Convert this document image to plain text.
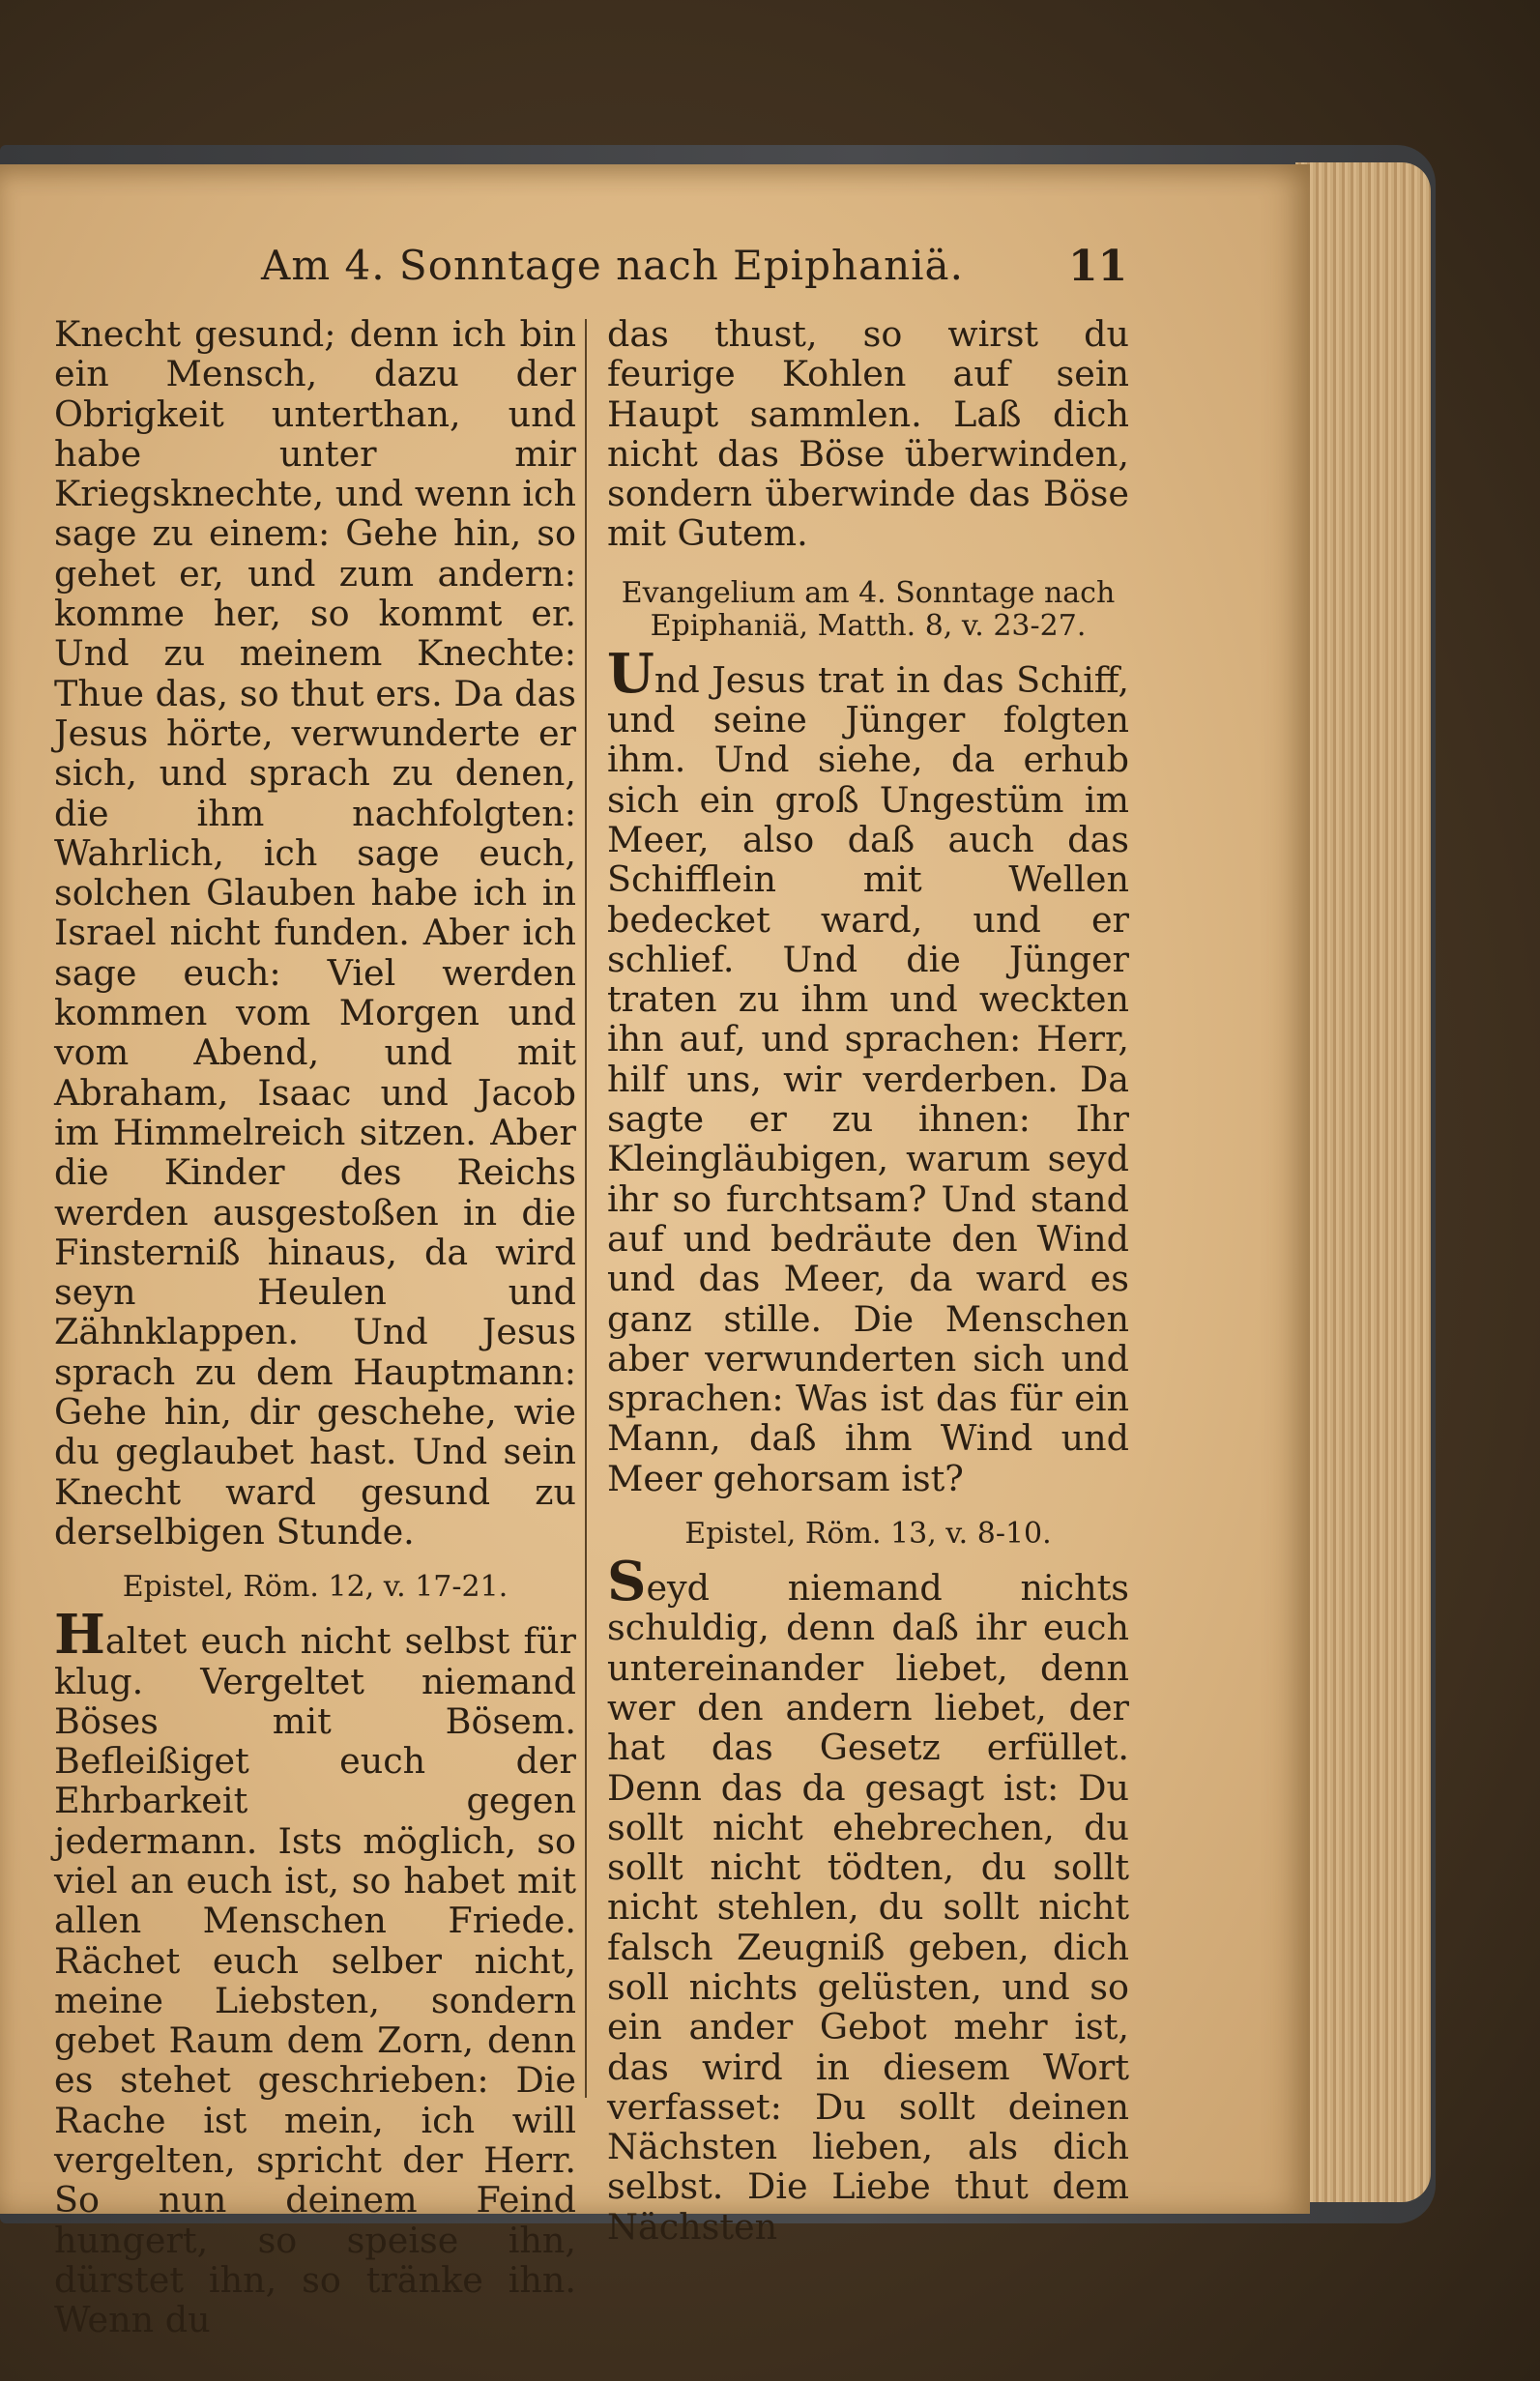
Am 4. Sonntage nach Epiphaniä. 11

Knecht gesund; denn ich bin ein Mensch, dazu der Obrigkeit unterthan, und habe unter mir Kriegsknechte, und wenn ich sage zu einem: Gehe hin, so gehet er, und zum andern: komme her, so kommt er. Und zu meinem Knechte: Thue das, so thut ers. Da das Jesus hörte, verwunderte er sich, und sprach zu denen, die ihm nachfolgten: Wahrlich, ich sage euch, solchen Glauben habe ich in Israel nicht funden. Aber ich sage euch: Viel werden kommen vom Morgen und vom Abend, und mit Abraham, Isaac und Jacob im Himmelreich sitzen. Aber die Kinder des Reichs werden ausgestoßen in die Finsterniß hinaus, da wird seyn Heulen und Zähnklappen. Und Jesus sprach zu dem Hauptmann: Gehe hin, dir geschehe, wie du geglaubet hast. Und sein Knecht ward gesund zu derselbigen Stunde.

Epistel, Röm. 12, v. 17-21.

Haltet euch nicht selbst für klug. Vergeltet niemand Böses mit Bösem. Befleißiget euch der Ehrbarkeit gegen jedermann. Ists möglich, so viel an euch ist, so habet mit allen Menschen Friede. Rächet euch selber nicht, meine Liebsten, sondern gebet Raum dem Zorn, denn es stehet geschrieben: Die Rache ist mein, ich will vergelten, spricht der Herr. So nun deinem Feind hungert, so speise ihn, dürstet ihn, so tränke ihn. Wenn du

das thust, so wirst du feurige Kohlen auf sein Haupt sammlen. Laß dich nicht das Böse überwinden, sondern überwinde das Böse mit Gutem.

Evangelium am 4. Sonntage nach Epiphaniä, Matth. 8, v. 23-27.

Und Jesus trat in das Schiff, und seine Jünger folgten ihm. Und siehe, da erhub sich ein groß Ungestüm im Meer, also daß auch das Schifflein mit Wellen bedecket ward, und er schlief. Und die Jünger traten zu ihm und weckten ihn auf, und sprachen: Herr, hilf uns, wir verderben. Da sagte er zu ihnen: Ihr Kleingläubigen, warum seyd ihr so furchtsam? Und stand auf und bedräute den Wind und das Meer, da ward es ganz stille. Die Menschen aber verwunderten sich und sprachen: Was ist das für ein Mann, daß ihm Wind und Meer gehorsam ist?

Epistel, Röm. 13, v. 8-10.

Seyd niemand nichts schuldig, denn daß ihr euch untereinander liebet, denn wer den andern liebet, der hat das Gesetz erfüllet. Denn das da gesagt ist: Du sollt nicht ehebrechen, du sollt nicht tödten, du sollt nicht stehlen, du sollt nicht falsch Zeugniß geben, dich soll nichts gelüsten, und so ein ander Gebot mehr ist, das wird in diesem Wort verfasset: Du sollt deinen Nächsten lieben, als dich selbst. Die Liebe thut dem Nächsten
